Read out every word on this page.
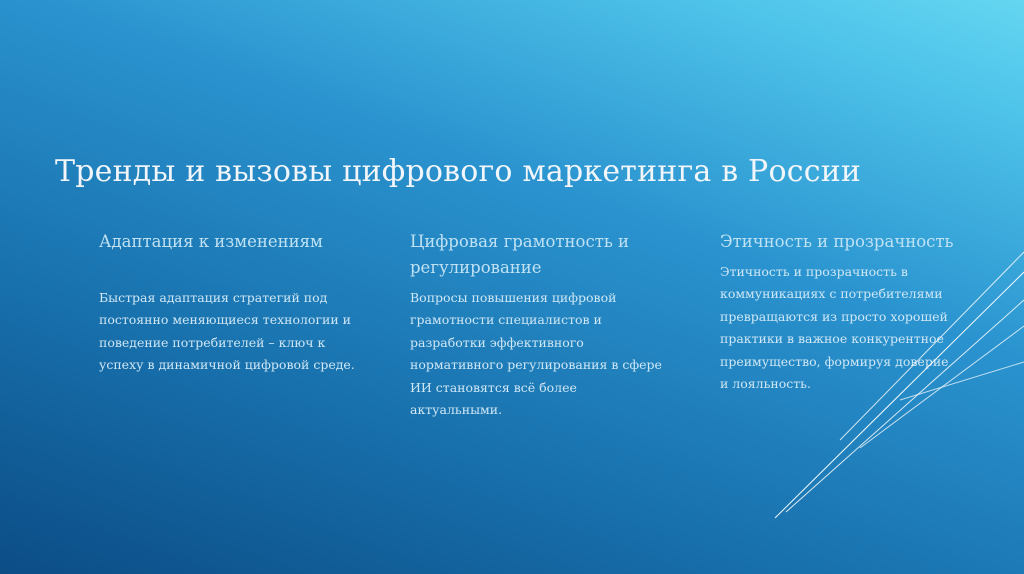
Тренды и вызовы цифрового маркетинга в России
Адаптация к изменениям

Быстрая адаптация стратегий под постоянно меняющиеся технологии и поведение потребителей – ключ к успеху в динамичной цифровой среде.

Цифровая грамотность и регулирование

Вопросы повышения цифровой грамотности специалистов и разработки эффективного нормативного регулирования в сфере ИИ становятся всё более актуальными.

Этичность и прозрачность

Этичность и прозрачность в коммуникациях с потребителями превращаются из просто хорошей практики в важное конкурентное преимущество, формируя доверие и лояльность.
